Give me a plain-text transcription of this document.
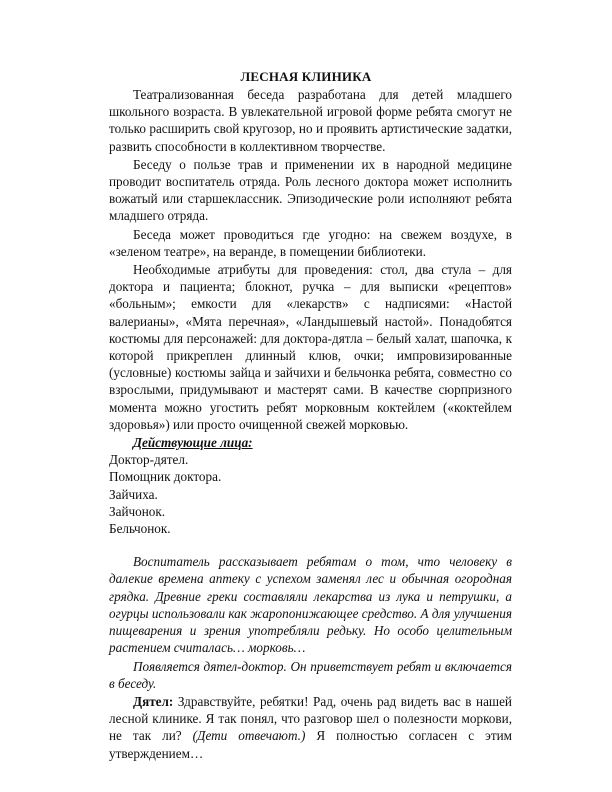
ЛЕСНАЯ КЛИНИКА

Театрализованная беседа разработана для детей младшего школьного возраста. В увлекательной игровой форме ребята смогут не только расширить свой кругозор, но и проявить артистические задатки, развить способности в коллективном творчестве.

Беседу о пользе трав и применении их в народной медицине проводит воспитатель отряда. Роль лесного доктора может исполнить вожатый или старшеклассник. Эпизодические роли исполняют ребята младшего отряда.

Беседа может проводиться где угодно: на свежем воздухе, в «зеленом театре», на веранде, в помещении библиотеки.

Необходимые атрибуты для проведения: стол, два стула – для доктора и пациента; блокнот, ручка – для выписки «рецептов» «больным»; емкости для «лекарств» с надписями: «Настой валерианы», «Мята перечная», «Ландышевый настой». Понадобятся костюмы для персонажей: для доктора-дятла – белый халат, шапочка, к которой прикреплен длинный клюв, очки; импровизированные (условные) костюмы зайца и зайчихи и бельчонка ребята, совместно со взрослыми, придумывают и мастерят сами. В качестве сюрпризного момента можно угостить ребят морковным коктейлем («коктейлем здоровья») или просто очищенной свежей морковью.

Действующие лица:

Доктор-дятел.

Помощник доктора.

Зайчиха.

Зайчонок.

Бельчонок.

Воспитатель рассказывает ребятам о том, что человеку в далекие времена аптеку с успехом заменял лес и обычная огородная грядка. Древние греки составляли лекарства из лука и петрушки, а огурцы использовали как жаропонижающее средство. А для улучшения пищеварения и зрения употребляли редьку. Но особо целительным растением считалась… морковь…

Появляется дятел-доктор. Он приветствует ребят и включается в беседу.

Дятел: Здравствуйте, ребятки! Рад, очень рад видеть вас в нашей лесной клинике. Я так понял, что разговор шел о полезности моркови, не так ли? (Дети отвечают.) Я полностью согласен с этим утверждением…
